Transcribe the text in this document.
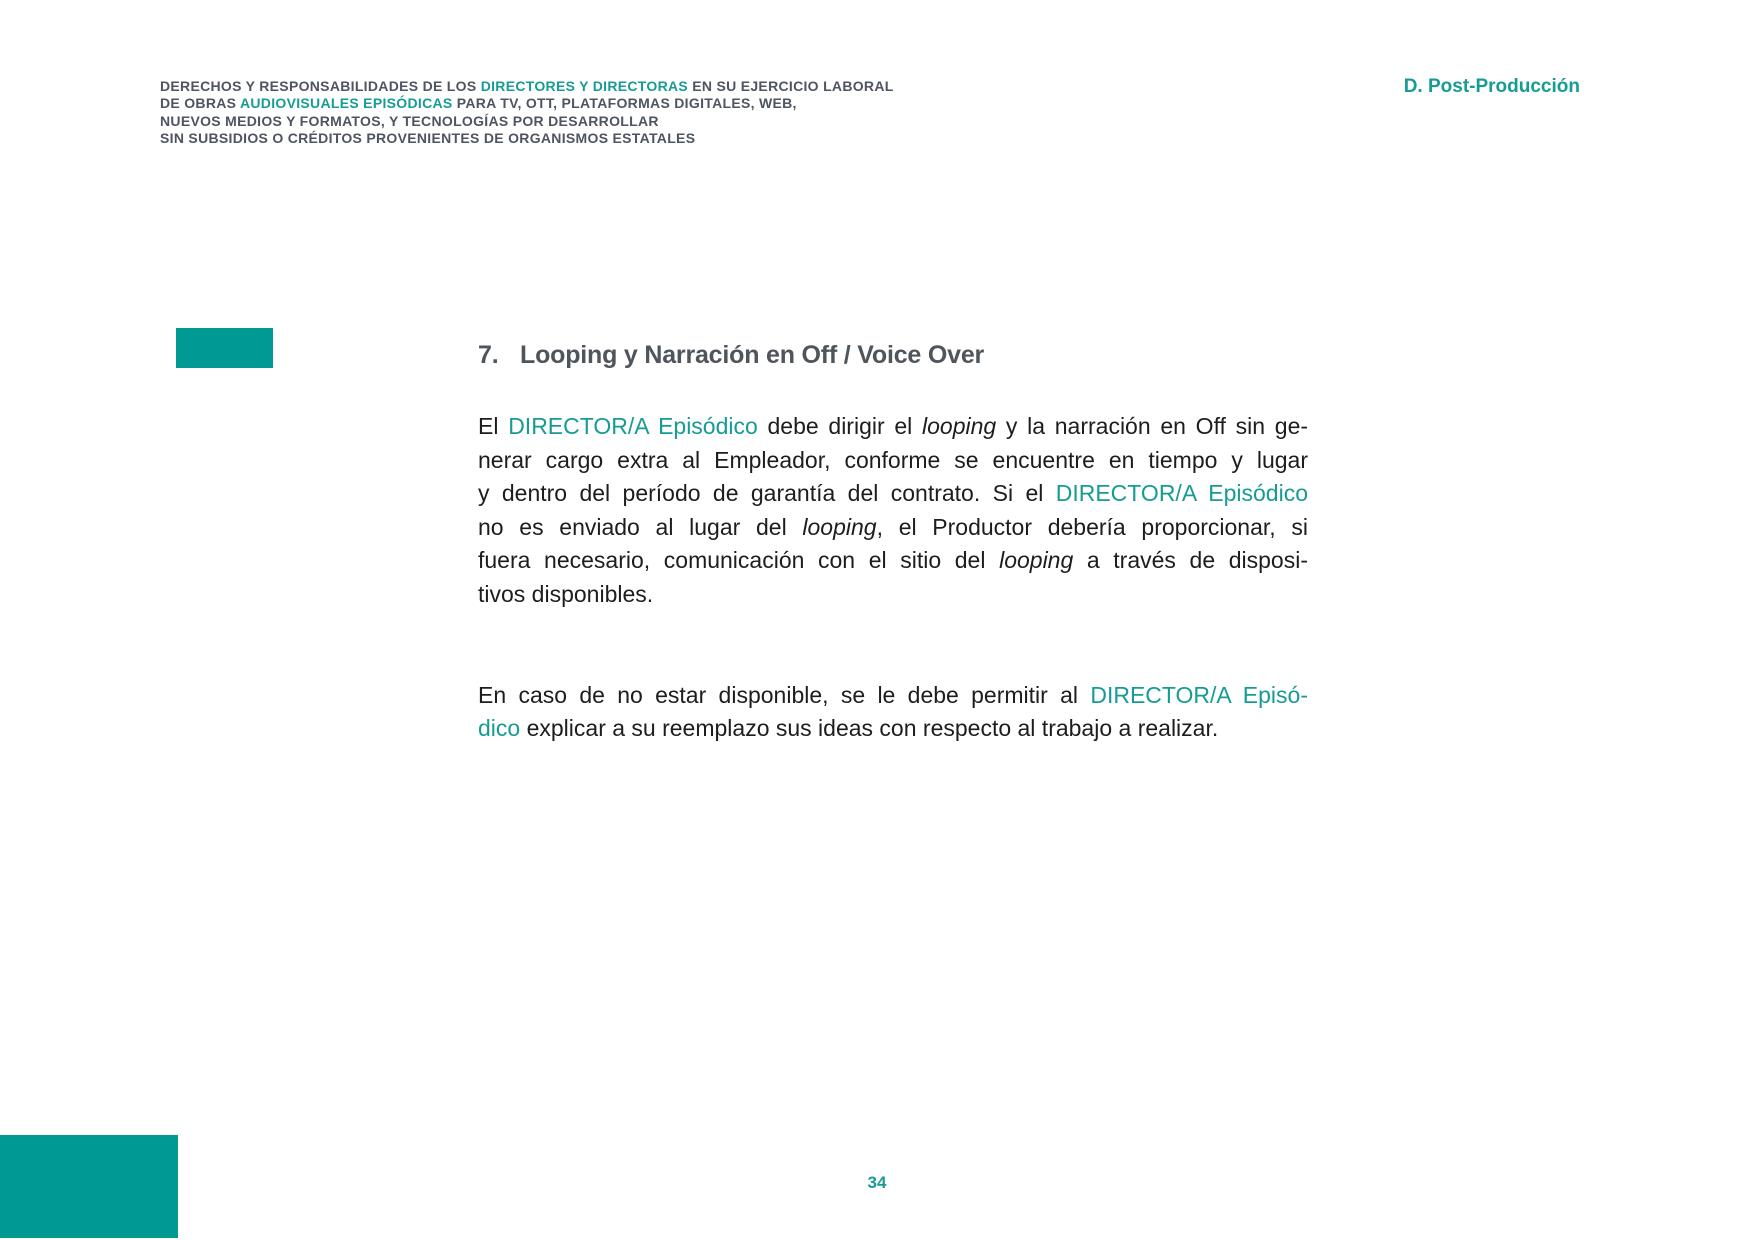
DERECHOS Y RESPONSABILIDADES DE LOS DIRECTORES Y DIRECTORAS EN SU EJERCICIO LABORAL
DE OBRAS AUDIOVISUALES EPISÓDICAS PARA TV, OTT, PLATAFORMAS DIGITALES, WEB,
NUEVOS MEDIOS Y FORMATOS, Y TECNOLOGÍAS POR DESARROLLAR
SIN SUBSIDIOS O CRÉDITOS PROVENIENTES DE ORGANISMOS ESTATALES
D. Post-Producción
7. Looping y Narración en Off / Voice Over
El DIRECTOR/A Episódico debe dirigir el looping y la narración en Off sin ge-
nerar cargo extra al Empleador, conforme se encuentre en tiempo y lugar
y dentro del período de garantía del contrato. Si el DIRECTOR/A Episódico
no es enviado al lugar del looping, el Productor debería proporcionar, si
fuera necesario, comunicación con el sitio del looping a través de disposi-
tivos disponibles.
En caso de no estar disponible, se le debe permitir al DIRECTOR/A Episó-
dico explicar a su reemplazo sus ideas con respecto al trabajo a realizar.
34
